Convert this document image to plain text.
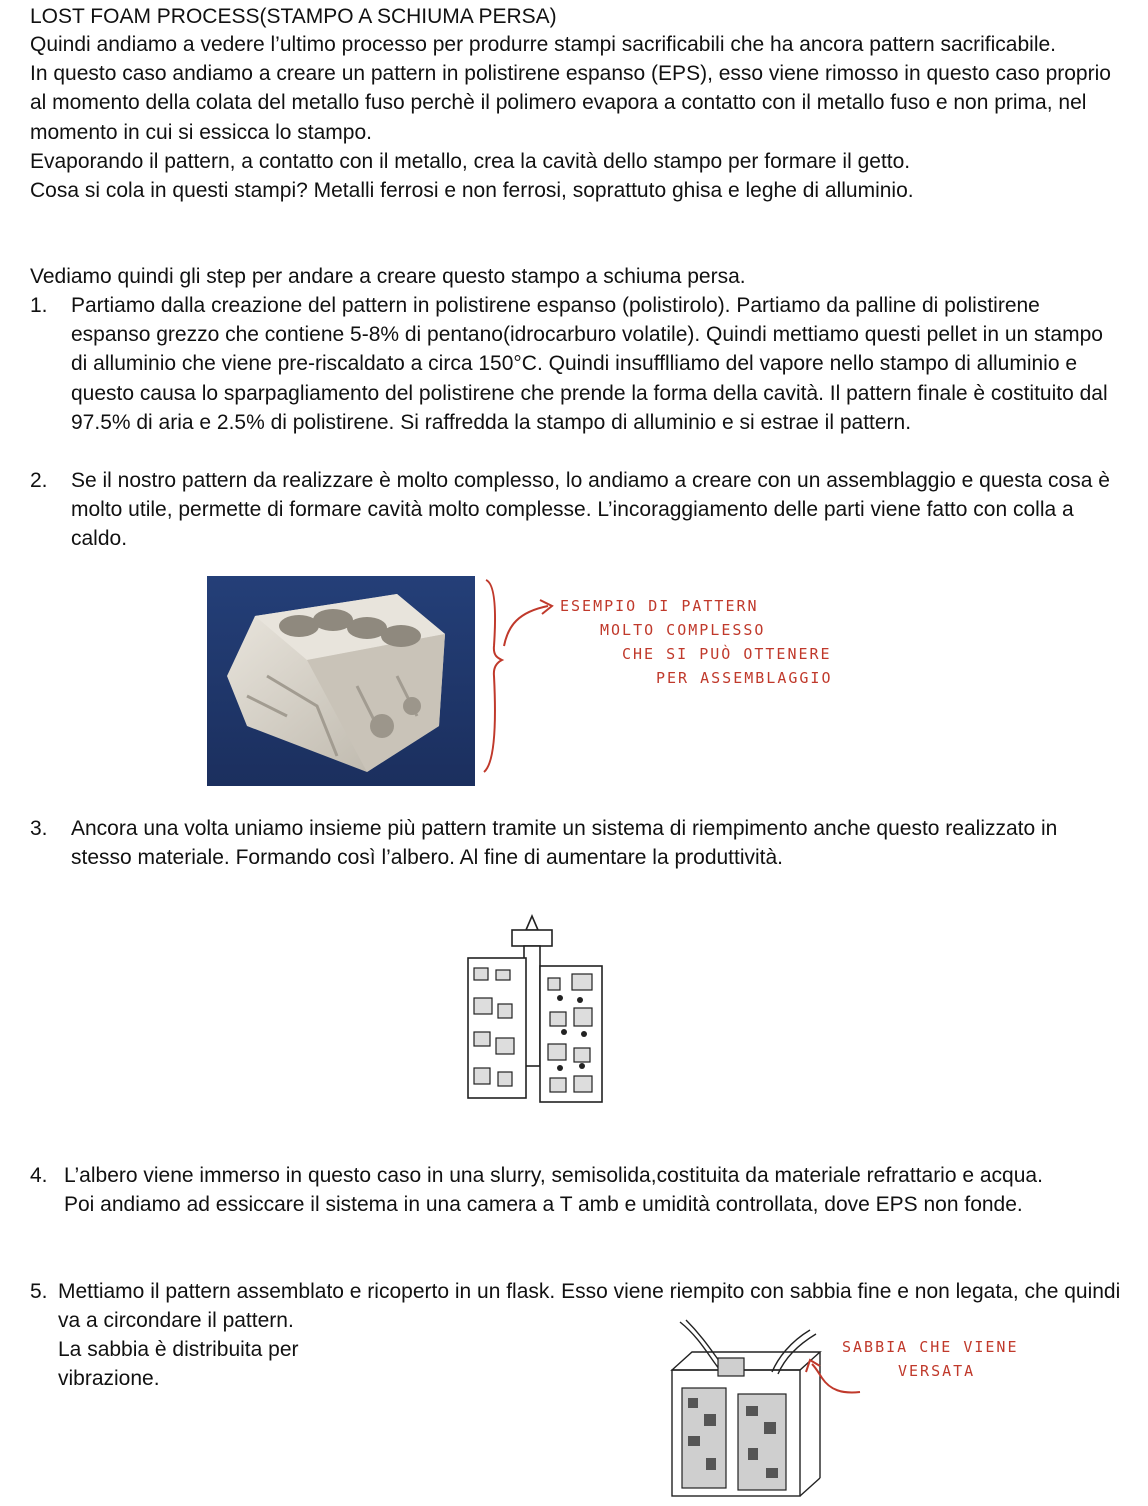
LOST FOAM PROCESS(STAMPO A SCHIUMA PERSA)

Quindi andiamo a vedere l’ultimo processo per produrre stampi sacrificabili che ha ancora pattern sacrificabile.

In questo caso andiamo a creare un pattern in polistirene espanso (EPS), esso viene rimosso in questo caso proprio al momento della colata del metallo fuso perchè il polimero evapora a contatto con il metallo fuso e non prima, nel momento in cui si essicca lo stampo.

Evaporando il pattern, a contatto con il metallo, crea la cavità dello stampo per formare il getto.

Cosa si cola in questi stampi? Metalli ferrosi e non ferrosi, soprattuto ghisa e leghe di alluminio.

Vediamo quindi gli step per andare a creare questo stampo a schiuma persa.
1. Partiamo dalla creazione del pattern in polistirene espanso (polistirolo). Partiamo da palline di polistirene espanso grezzo che contiene 5-8% di pentano(idrocarburo volatile). Quindi mettiamo questi pellet in un stampo di alluminio che viene pre-riscaldato a circa 150°C. Quindi insufflliamo del vapore nello stampo di alluminio e questo causa lo sparpagliamento del polistirene che prende la forma della cavità. Il pattern finale è costituito dal 97.5% di aria e 2.5% di polistirene. Si raffredda la stampo di alluminio e si estrae il pattern.
2. Se il nostro pattern da realizzare è molto complesso, lo andiamo a creare con un assemblaggio e questa cosa è molto utile, permette di formare cavità molto complesse. L’incoraggiamento delle parti viene fatto con colla a caldo.
ESEMPIO DI PATTERN
MOLTO COMPLESSO
CHE SI PUÒ OTTENERE
PER ASSEMBLAGGIO
3. Ancora una volta uniamo insieme più pattern tramite un sistema di riempimento anche questo realizzato in stesso materiale. Formando così l’albero. Al fine di aumentare la produttività.
4. L’albero viene immerso in questo caso in una slurry, semisolida,costituita da materiale refrattario e acqua. Poi andiamo ad essiccare il sistema in una camera a T amb e umidità controllata, dove EPS non fonde.
5. Mettiamo il pattern assemblato e ricoperto in un flask. Esso viene riempito con sabbia fine e non legata, che quindi va a circondare il pattern.
La sabbia è distribuita per vibrazione.
SABBIA CHE VIENE
VERSATA
